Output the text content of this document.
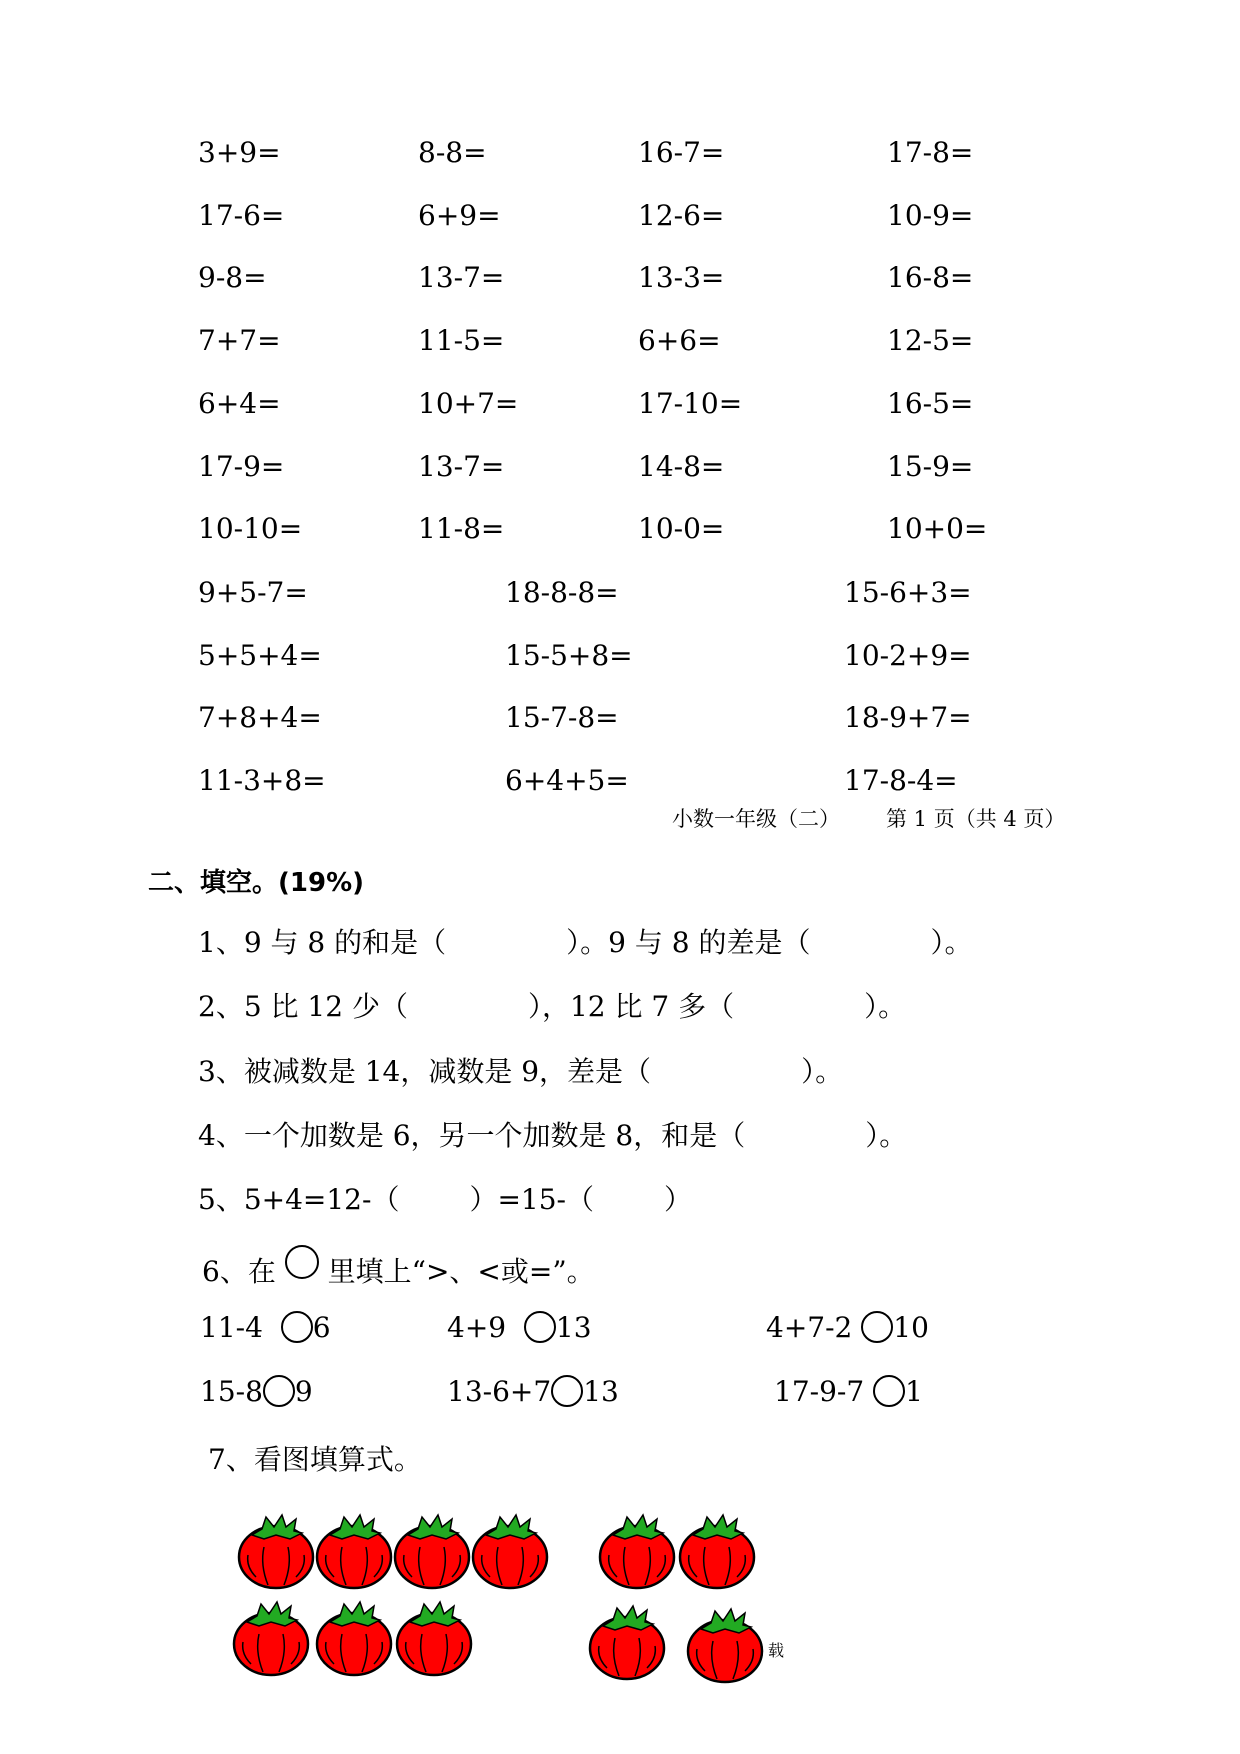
3+9=	8-8=	16-7=	17-8=
17-6=	6+9=	12-6=	10-9=
9-8=	13-7=	13-3=	16-8=
7+7=	11-5=	6+6=	12-5=
6+4=	10+7=	17-10=	16-5=
17-9=	13-7=	14-8=	15-9=
10-10=	11-8=	10-0=	10+0=
9+5-7=	18-8-8=	15-6+3=
5+5+4=	15-5+8=	10-2+9=
7+8+4=	15-7-8=	18-9+7=
11-3+8=	6+4+5=	17-8-4=
小数一年级（二） 第 1 页（共 4 页）
二、填空。(19%)
1、9 与 8 的和是（	）。9 与 8 的差是（	）。
2、5 比 12 少（	），12 比 7 多（	）。
3、被减数是 14，减数是 9，差是（	）。
4、一个加数是 6，另一个加数是 8，和是（	）。
5、5+4=12-（	）=15-（	）
6、在 里填上“>、<或=”。
11-4 6	4+9 13	4+7-2 10
15-8 9	13-6+7 13	17-9-7 1
7、看图填算式。
载
